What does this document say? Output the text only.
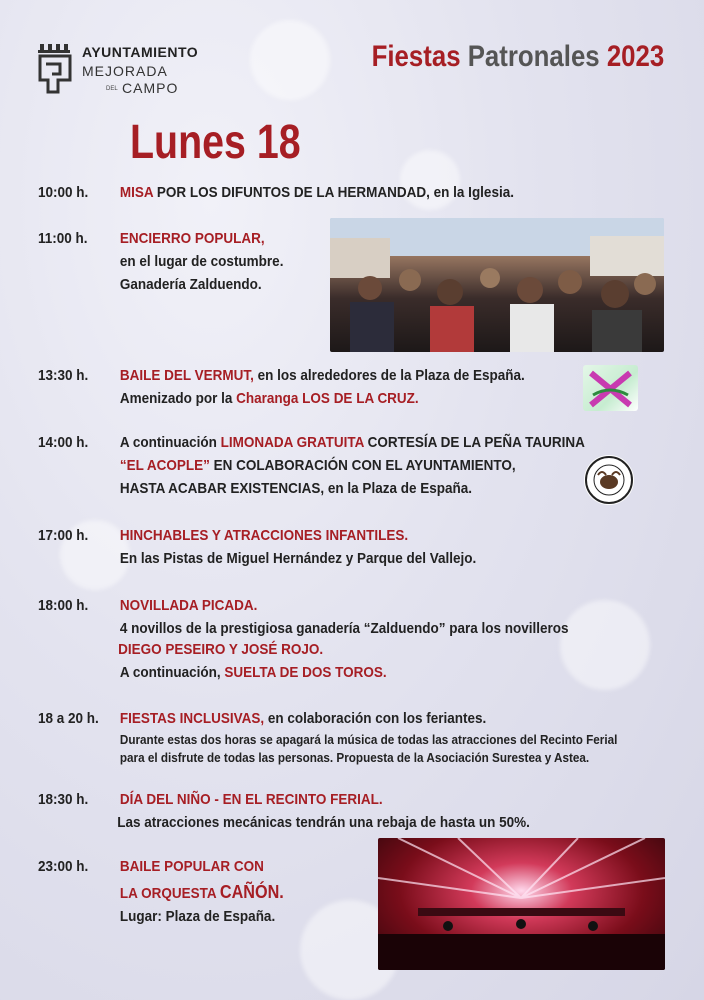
AYUNTAMIENTO
MEJORADA
DEL CAMPO
Fiestas Patronales 2023
Lunes 18
10:00 h.	MISA POR LOS DIFUNTOS DE LA HERMANDAD, en la Iglesia.
11:00 h.	ENCIERRO POPULAR,
en el lugar de costumbre.
Ganadería Zalduendo.
13:30 h.	BAILE DEL VERMUT, en los alrededores de la Plaza de España.
Amenizado por la Charanga LOS DE LA CRUZ.
14:00 h.	A continuación LIMONADA GRATUITA CORTESÍA DE LA PEÑA TAURINA
“EL ACOPLE” EN COLABORACIÓN CON EL AYUNTAMIENTO,
HASTA ACABAR EXISTENCIAS, en la Plaza de España.
17:00 h.	HINCHABLES Y ATRACCIONES INFANTILES.
En las Pistas de Miguel Hernández y Parque del Vallejo.
18:00 h.	NOVILLADA PICADA.
4 novillos de la prestigiosa ganadería “Zalduendo” para los novilleros
DIEGO PESEIRO Y JOSÉ ROJO.
A continuación, SUELTA DE DOS TOROS.
18 a 20 h.	FIESTAS INCLUSIVAS, en colaboración con los feriantes.
Durante estas dos horas se apagará la música de todas las atracciones del Recinto Ferial
para el disfrute de todas las personas. Propuesta de la Asociación Surestea y Astea.
18:30 h.	DÍA DEL NIÑO - EN EL RECINTO FERIAL.
Las atracciones mecánicas tendrán una rebaja de hasta un 50%.
23:00 h.	BAILE POPULAR CON
LA ORQUESTA CAÑÓN.
Lugar: Plaza de España.
